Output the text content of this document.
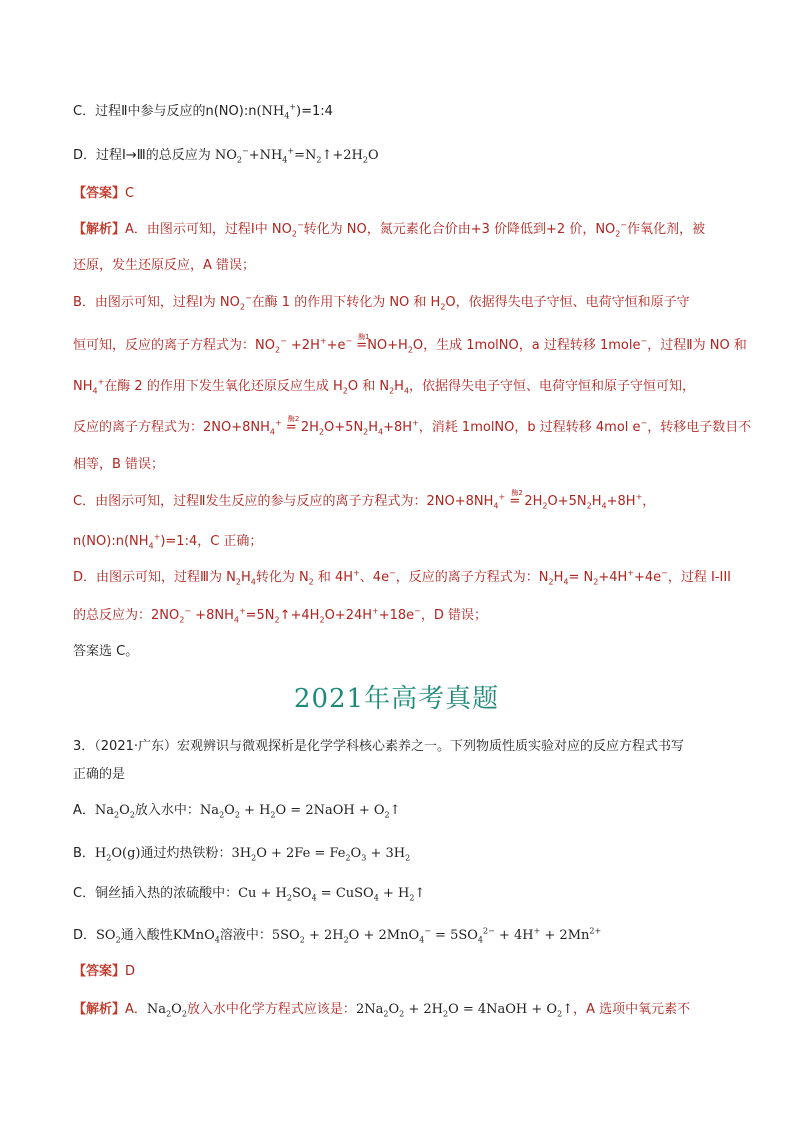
C．过程Ⅱ中参与反应的$n(NO):n(NH_4^+)=1:4$
D．过程Ⅰ→Ⅲ的总反应为 $NO_2^-+NH_4^+=N_2↑+2H_2O$
【答案】C
【解析】A．由图示可知，过程Ⅰ中 $NO_2^-$转化为 NO，氮元素化合价由+3 价降低到+2 价，$NO_2^-$作氧化剂，被
还原，发生还原反应，A 错误；
B．由图示可知，过程Ⅰ为 $NO_2^-$在酶 1 的作用下转化为 NO 和 $H_2O$，依据得失电子守恒、电荷守恒和原子守
恒可知，反应的离子方程式为：$NO_2^- +2H^++e^-$ 酶1
$=NO+H_2O$，生成 1molNO，a 过程转移 1mole−，过程Ⅱ为 NO 和
$NH_4^+$在酶 2 的作用下发生氧化还原反应生成 $H_2O$ 和 $N_2H_4$，依据得失电子守恒、电荷守恒和原子守恒可知，
反应的离子方程式为：$2NO+8NH_4^+$ 酶2
= $2H_2O+5N_2H_4+8H^+$，消耗 1molNO，b 过程转移 4mol e−，转移电子数目不
相等，B 错误；
C．由图示可知，过程Ⅱ发生反应的参与反应的离子方程式为：$2NO+8NH_4^+$ 酶2
= $2H_2O+5N_2H_4+8H^+$，
$n(NO):n(NH_4^+)=1:4$，C 正确；
D．由图示可知，过程Ⅲ为 $N_2H_4$转化为 $N_2$ 和 4H+、4e−，反应的离子方程式为：$N_2H_4= N_2+4H^++4e^-$，过程 I-III
的总反应为：$2NO_2^-$ $+8NH_4^+=5N_2↑+4H_2O+24H^++18e^-$，D 错误；
答案选 C。
2021年高考真题
3．（2021·广东）宏观辨识与微观探析是化学学科核心素养之一。下列物质性质实验对应的反应方程式书写
正确的是
A．$Na_2O_2$放入水中：$Na_2O_2 + H_2O$ = 2NaOH + $O_2↑$
B．$H_2O(g)$通过灼热铁粉：$3H_2O + 2Fe = Fe_2O_3 + 3H_2$
C．铜丝插入热的浓硫酸中：$Cu + H_2SO_4$ = CuSO$_4$ + $H_2↑$
D．$SO_2$通入酸性KMnO$_4$溶液中：$5SO_2 + 2H_2O + 2MnO_4^- = 5SO_4^{2-} + 4H^+ + 2Mn^{2+}$
【答案】D
【解析】A．$Na_2O_2$放入水中化学方程式应该是：$2Na_2O_2 + 2H_2O$ = 4NaOH + $O_2↑$，A 选项中氧元素不
